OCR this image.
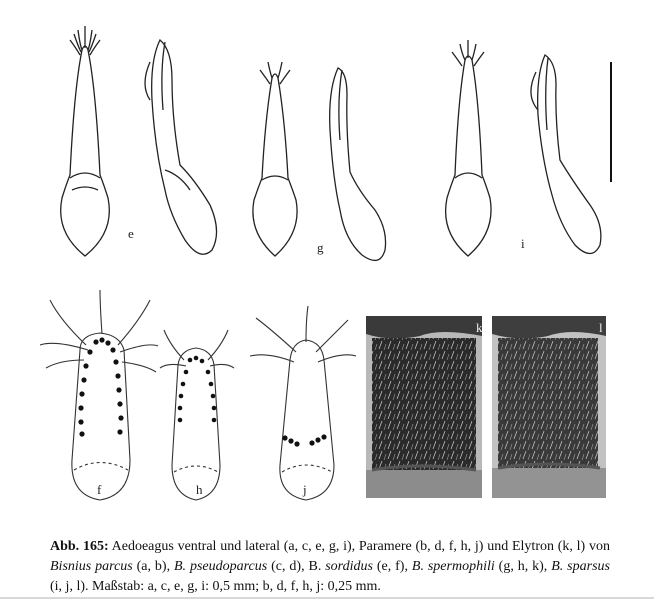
e
g	i
f	h	j
k	l
Abb. 165: Aedoeagus ventral und lateral (a, c, e, g, i), Paramere (b, d, f, h, j) und Elytron (k, l) von Bisnius parcus (a, b), B. pseudoparcus (c, d), B. sordidus (e, f), B. spermophili (g, h, k), B. sparsus (i, j, l). Maßstab: a, c, e, g, i: 0,5 mm; b, d, f, h, j: 0,25 mm.
